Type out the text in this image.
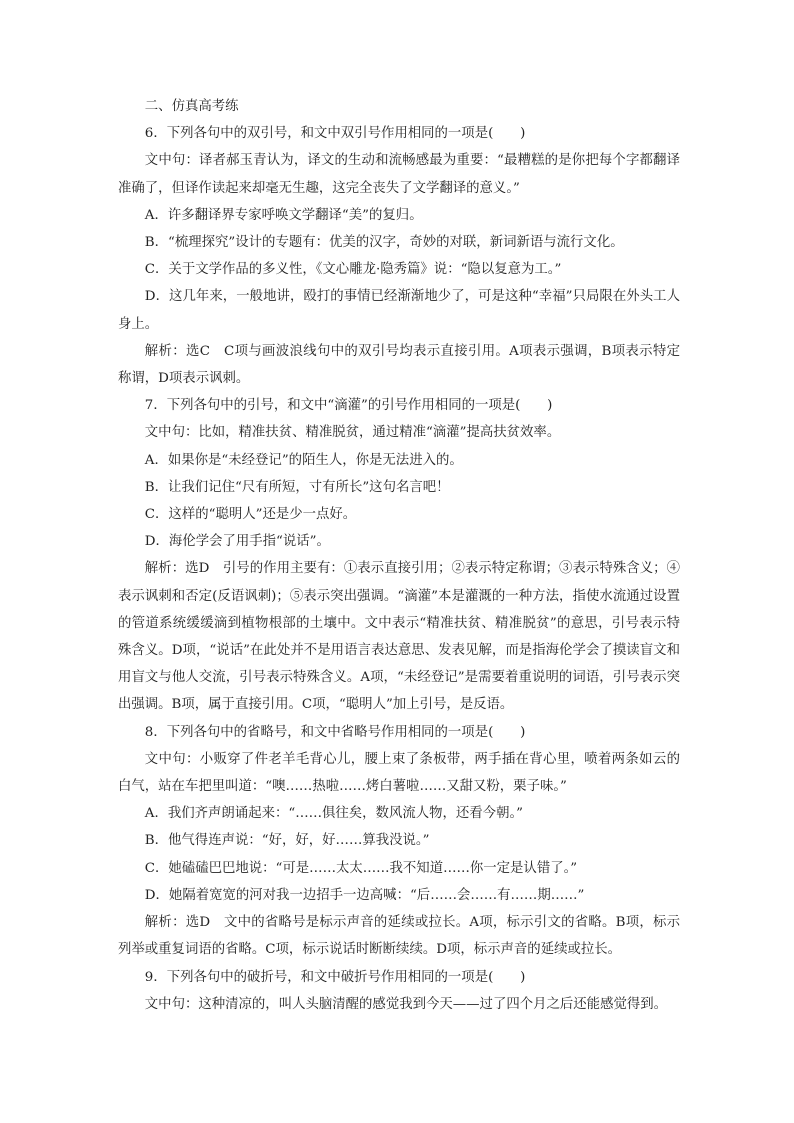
二、仿真高考练

6．下列各句中的双引号，和文中双引号作用相同的一项是(　　)

文中句：译者郝玉青认为，译文的生动和流畅感最为重要：“最糟糕的是你把每个字都翻译准确了，但译作读起来却毫无生趣，这完全丧失了文学翻译的意义。”

A．许多翻译界专家呼唤文学翻译“美”的复归。

B．“梳理探究”设计的专题有：优美的汉字，奇妙的对联，新词新语与流行文化。

C．关于文学作品的多义性，《文心雕龙·隐秀篇》说：“隐以复意为工。”

D．这几年来，一般地讲，殴打的事情已经渐渐地少了，可是这种“幸福”只局限在外头工人身上。

解析：选C　C项与画波浪线句中的双引号均表示直接引用。A项表示强调，B项表示特定称谓，D项表示讽刺。

7．下列各句中的引号，和文中“滴灌”的引号作用相同的一项是(　　)

文中句：比如，精准扶贫、精准脱贫，通过精准“滴灌”提高扶贫效率。

A．如果你是“未经登记”的陌生人，你是无法进入的。

B．让我们记住“尺有所短，寸有所长”这句名言吧！

C．这样的“聪明人”还是少一点好。

D．海伦学会了用手指“说话”。

解析：选D　引号的作用主要有：①表示直接引用；②表示特定称谓；③表示特殊含义；④表示讽刺和否定(反语讽刺)；⑤表示突出强调。“滴灌”本是灌溉的一种方法，指使水流通过设置的管道系统缓缓滴到植物根部的土壤中。文中表示“精准扶贫、精准脱贫”的意思，引号表示特殊含义。D项，“说话”在此处并不是用语言表达意思、发表见解，而是指海伦学会了摸读盲文和用盲文与他人交流，引号表示特殊含义。A项，“未经登记”是需要着重说明的词语，引号表示突出强调。B项，属于直接引用。C项，“聪明人”加上引号，是反语。

8．下列各句中的省略号，和文中省略号作用相同的一项是(　　)

文中句：小贩穿了件老羊毛背心儿，腰上束了条板带，两手插在背心里，喷着两条如云的白气，站在车把里叫道：“噢……热啦……烤白薯啦……又甜又粉，栗子味。”

A．我们齐声朗诵起来：“……俱往矣，数风流人物，还看今朝。”

B．他气得连声说：“好，好，好……算我没说。”

C．她磕磕巴巴地说：“可是……太太……我不知道……你一定是认错了。”

D．她隔着宽宽的河对我一边招手一边高喊：“后……会……有……期……”

解析：选D　文中的省略号是标示声音的延续或拉长。A项，标示引文的省略。B项，标示列举或重复词语的省略。C项，标示说话时断断续续。D项，标示声音的延续或拉长。

9．下列各句中的破折号，和文中破折号作用相同的一项是(　　)

文中句：这种清凉的，叫人头脑清醒的感觉我到今天——过了四个月之后还能感觉得到。
